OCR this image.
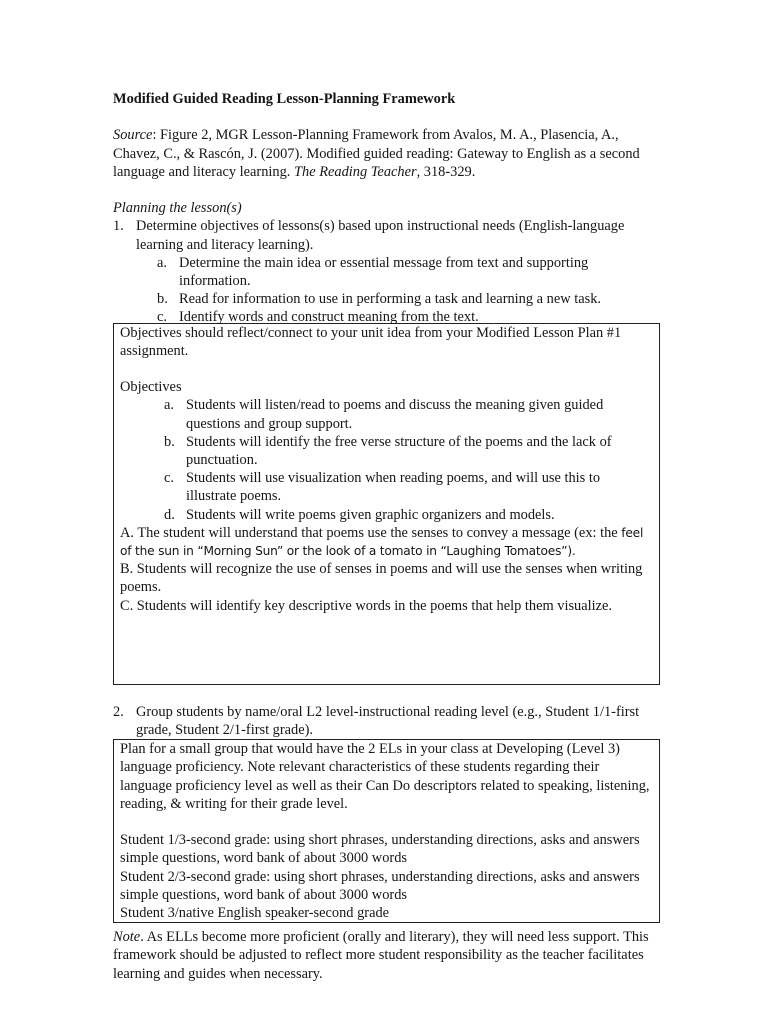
Modified Guided Reading Lesson-Planning Framework

Source: Figure 2, MGR Lesson-Planning Framework from Avalos, M. A., Plasencia, A., Chavez, C., & Rascón, J. (2007). Modified guided reading: Gateway to English as a second language and literacy learning. The Reading Teacher, 318-329.

Planning the lesson(s)

1. Determine objectives of lessons(s) based upon instructional needs (English-language learning and literacy learning).
a. Determine the main idea or essential message from text and supporting information.
b. Read for information to use in performing a task and learning a new task.
c. Identify words and construct meaning from the text.

Objectives should reflect/connect to your unit idea from your Modified Lesson Plan #1 assignment.

Objectives

a. Students will listen/read to poems and discuss the meaning given guided questions and group support.
b. Students will identify the free verse structure of the poems and the lack of punctuation.
c. Students will use visualization when reading poems, and will use this to illustrate poems.
d. Students will write poems given graphic organizers and models.

A. The student will understand that poems use the senses to convey a message (ex: the feel of the sun in “Morning Sun” or the look of a tomato in “Laughing Tomatoes”).

B. Students will recognize the use of senses in poems and will use the senses when writing poems.

C. Students will identify key descriptive words in the poems that help them visualize.

2. Group students by name/oral L2 level-instructional reading level (e.g., Student 1/1-first grade, Student 2/1-first grade).

Plan for a small group that would have the 2 ELs in your class at Developing (Level 3) language proficiency. Note relevant characteristics of these students regarding their language proficiency level as well as their Can Do descriptors related to speaking, listening, reading, & writing for their grade level.

Student 1/3-second grade: using short phrases, understanding directions, asks and answers simple questions, word bank of about 3000 words

Student 2/3-second grade: using short phrases, understanding directions, asks and answers simple questions, word bank of about 3000 words

Student 3/native English speaker-second grade

Note. As ELLs become more proficient (orally and literary), they will need less support. This framework should be adjusted to reflect more student responsibility as the teacher facilitates learning and guides when necessary.
